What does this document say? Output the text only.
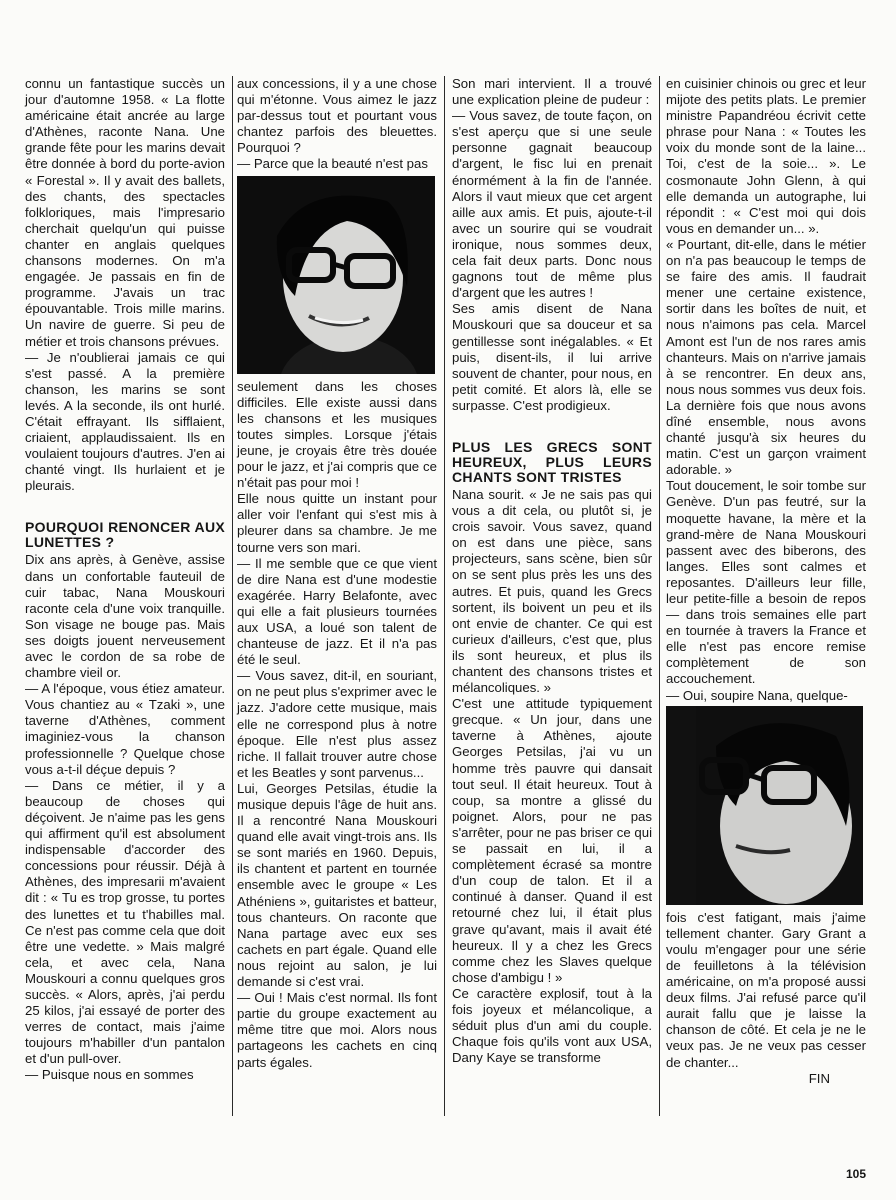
connu un fantastique succès un jour d'automne 1958. « La flotte américaine était ancrée au large d'Athènes, raconte Nana. Une grande fête pour les marins devait être donnée à bord du porte-avion « Forestal ». Il y avait des ballets, des chants, des spectacles folkloriques, mais l'impresario cherchait quelqu'un qui puisse chanter en anglais quelques chansons modernes. On m'a engagée. Je passais en fin de programme. J'avais un trac épouvantable. Trois mille marins. Un navire de guerre. Si peu de métier et trois chansons prévues.

— Je n'oublierai jamais ce qui s'est passé. A la première chanson, les marins se sont levés. A la seconde, ils ont hurlé. C'était effrayant. Ils sifflaient, criaient, applaudissaient. Ils en voulaient toujours d'autres. J'en ai chanté vingt. Ils hurlaient et je pleurais.

POURQUOI RENONCER AUX LUNETTES ?

Dix ans après, à Genève, assise dans un confortable fauteuil de cuir tabac, Nana Mouskouri raconte cela d'une voix tranquille. Son visage ne bouge pas. Mais ses doigts jouent nerveusement avec le cordon de sa robe de chambre vieil or.

— A l'époque, vous étiez amateur. Vous chantiez au « Tzaki », une taverne d'Athènes, comment imaginiez-vous la chanson professionnelle ? Quelque chose vous a-t-il déçue depuis ?

— Dans ce métier, il y a beaucoup de choses qui déçoivent. Je n'aime pas les gens qui affirment qu'il est absolument indispensable d'accorder des concessions pour réussir. Déjà à Athènes, des impresarii m'avaient dit : « Tu es trop grosse, tu portes des lunettes et tu t'habilles mal. Ce n'est pas comme cela que doit être une vedette. » Mais malgré cela, et avec cela, Nana Mouskouri a connu quelques gros succès. « Alors, après, j'ai perdu 25 kilos, j'ai essayé de porter des verres de contact, mais j'aime toujours m'habiller d'un pantalon et d'un pull-over.

— Puisque nous en sommes

aux concessions, il y a une chose qui m'étonne. Vous aimez le jazz par-dessus tout et pourtant vous chantez parfois des bleuettes. Pourquoi ?

— Parce que la beauté n'est pas

seulement dans les choses difficiles. Elle existe aussi dans les chansons et les musiques toutes simples. Lorsque j'étais jeune, je croyais être très douée pour le jazz, et j'ai compris que ce n'était pas pour moi !

Elle nous quitte un instant pour aller voir l'enfant qui s'est mis à pleurer dans sa chambre. Je me tourne vers son mari.

— Il me semble que ce que vient de dire Nana est d'une modestie exagérée. Harry Belafonte, avec qui elle a fait plusieurs tournées aux USA, a loué son talent de chanteuse de jazz. Et il n'a pas été le seul.

— Vous savez, dit-il, en souriant, on ne peut plus s'exprimer avec le jazz. J'adore cette musique, mais elle ne correspond plus à notre époque. Elle n'est plus assez riche. Il fallait trouver autre chose et les Beatles y sont parvenus...

Lui, Georges Petsilas, étudie la musique depuis l'âge de huit ans. Il a rencontré Nana Mouskouri quand elle avait vingt-trois ans. Ils se sont mariés en 1960. Depuis, ils chantent et partent en tournée ensemble avec le groupe « Les Athéniens », guitaristes et batteur, tous chanteurs. On raconte que Nana partage avec eux ses cachets en part égale. Quand elle nous rejoint au salon, je lui demande si c'est vrai.

— Oui ! Mais c'est normal. Ils font partie du groupe exactement au même titre que moi. Alors nous partageons les cachets en cinq parts égales.

Son mari intervient. Il a trouvé une explication pleine de pudeur :

— Vous savez, de toute façon, on s'est aperçu que si une seule personne gagnait beaucoup d'argent, le fisc lui en prenait énormément à la fin de l'année. Alors il vaut mieux que cet argent aille aux amis. Et puis, ajoute-t-il avec un sourire qui se voudrait ironique, nous sommes deux, cela fait deux parts. Donc nous gagnons tout de même plus d'argent que les autres !

Ses amis disent de Nana Mouskouri que sa douceur et sa gentillesse sont inégalables. « Et puis, disent-ils, il lui arrive souvent de chanter, pour nous, en petit comité. Et alors là, elle se surpasse. C'est prodigieux.

PLUS LES GRECS SONT HEUREUX, PLUS LEURS CHANTS SONT TRISTES

Nana sourit. « Je ne sais pas qui vous a dit cela, ou plutôt si, je crois savoir. Vous savez, quand on est dans une pièce, sans projecteurs, sans scène, bien sûr on se sent plus près les uns des autres. Et puis, quand les Grecs sortent, ils boivent un peu et ils ont envie de chanter. Ce qui est curieux d'ailleurs, c'est que, plus ils sont heureux, et plus ils chantent des chansons tristes et mélancoliques. »

C'est une attitude typiquement grecque. « Un jour, dans une taverne à Athènes, ajoute Georges Petsilas, j'ai vu un homme très pauvre qui dansait tout seul. Il était heureux. Tout à coup, sa montre a glissé du poignet. Alors, pour ne pas s'arrêter, pour ne pas briser ce qui se passait en lui, il a complètement écrasé sa montre d'un coup de talon. Et il a continué à danser. Quand il est retourné chez lui, il était plus grave qu'avant, mais il avait été heureux. Il y a chez les Grecs comme chez les Slaves quelque chose d'ambigu ! »

Ce caractère explosif, tout à la fois joyeux et mélancolique, a séduit plus d'un ami du couple. Chaque fois qu'ils vont aux USA, Dany Kaye se transforme

en cuisinier chinois ou grec et leur mijote des petits plats. Le premier ministre Papandréou écrivit cette phrase pour Nana : « Toutes les voix du monde sont de la laine... Toi, c'est de la soie... ». Le cosmonaute John Glenn, à qui elle demanda un autographe, lui répondit : « C'est moi qui dois vous en demander un... ».

« Pourtant, dit-elle, dans le métier on n'a pas beaucoup le temps de se faire des amis. Il faudrait mener une certaine existence, sortir dans les boîtes de nuit, et nous n'aimons pas cela. Marcel Amont est l'un de nos rares amis chanteurs. Mais on n'arrive jamais à se rencontrer. En deux ans, nous nous sommes vus deux fois. La dernière fois que nous avons dîné ensemble, nous avons chanté jusqu'à six heures du matin. C'est un garçon vraiment adorable. »

Tout doucement, le soir tombe sur Genève. D'un pas feutré, sur la moquette havane, la mère et la grand-mère de Nana Mouskouri passent avec des biberons, des langes. Elles sont calmes et reposantes. D'ailleurs leur fille, leur petite-fille a besoin de repos — dans trois semaines elle part en tournée à travers la France et elle n'est pas encore remise complètement de son accouchement.

— Oui, soupire Nana, quelque-

fois c'est fatigant, mais j'aime tellement chanter. Gary Grant a voulu m'engager pour une série de feuilletons à la télévision américaine, on m'a proposé aussi deux films. J'ai refusé parce qu'il aurait fallu que je laisse la chanson de côté. Et cela je ne le veux pas. Je ne veux pas cesser de chanter...

FIN
105
